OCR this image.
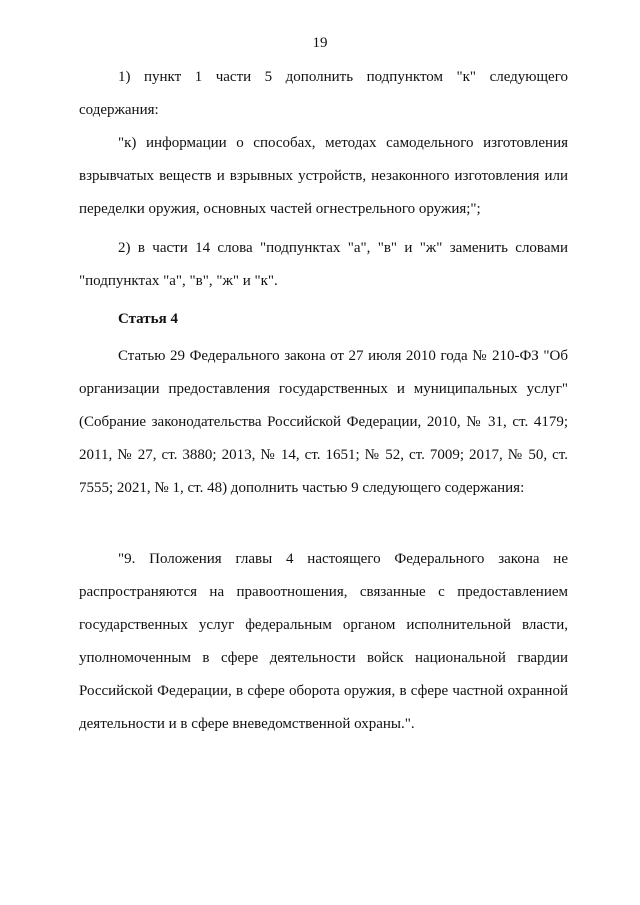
19

1) пункт 1 части 5 дополнить подпунктом "к" следующего содержания:

"к) информации о способах, методах самодельного изготовления взрывчатых веществ и взрывных устройств, незаконного изготовления или переделки оружия, основных частей огнестрельного оружия;";

2) в части 14 слова "подпунктах "а", "в" и "ж" заменить словами "подпунктах "а", "в", "ж" и "к".

Статья 4

Статью 29 Федерального закона от 27 июля 2010 года № 210-ФЗ "Об организации предоставления государственных и муниципальных услуг" (Собрание законодательства Российской Федерации, 2010, № 31, ст. 4179; 2011, № 27, ст. 3880; 2013, № 14, ст. 1651; № 52, ст. 7009; 2017, № 50, ст. 7555; 2021, № 1, ст. 48) дополнить частью 9 следующего содержания:

"9. Положения главы 4 настоящего Федерального закона не распространяются на правоотношения, связанные с предоставлением государственных услуг федеральным органом исполнительной власти, уполномоченным в сфере деятельности войск национальной гвардии Российской Федерации, в сфере оборота оружия, в сфере частной охранной деятельности и в сфере вневедомственной охраны.".
